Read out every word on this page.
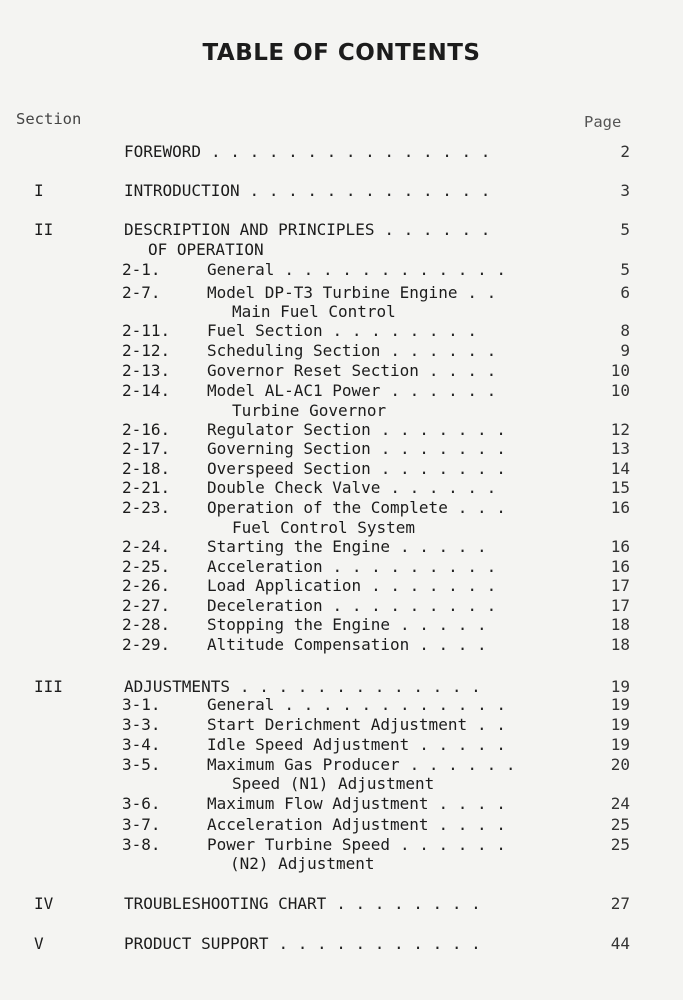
TABLE OF CONTENTS
Section	Page
FOREWORD . . . . . . . . . . . . . . .	2
I	INTRODUCTION . . . . . . . . . . . . .	3
II	DESCRIPTION AND PRINCIPLES . . . . . .	5
OF OPERATION
2-1.	General . . . . . . . . . . . .	5
2-7.	Model DP-T3 Turbine Engine . .	6
Main Fuel Control
2-11. Fuel Section . . . . . . . .	8
2-12. Scheduling Section . . . . . .	9
2-13. Governor Reset Section . . . .	10
2-14. Model AL-AC1 Power . . . . . .	10
Turbine Governor
2-16. Regulator Section . . . . . . .	12
2-17. Governing Section . . . . . . .	13
2-18. Overspeed Section . . . . . . .	14
2-21. Double Check Valve . . . . . .	15
2-23. Operation of the Complete . . .	16
Fuel Control System
2-24. Starting the Engine . . . . .	16
2-25. Acceleration . . . . . . . . .	16
2-26. Load Application . . . . . . .	17
2-27. Deceleration . . . . . . . . .	17
2-28. Stopping the Engine . . . . .	18
2-29. Altitude Compensation . . . .	18
III	ADJUSTMENTS . . . . . . . . . . . . .	19
3-1.	General . . . . . . . . . . . .	19
3-3.	Start Derichment Adjustment . .	19
3-4.	Idle Speed Adjustment . . . . .	19
3-5.	Maximum Gas Producer . . . . . .	20
Speed (N1) Adjustment
3-6.	Maximum Flow Adjustment . . . .	24
3-7.	Acceleration Adjustment . . . .	25
3-8.	Power Turbine Speed . . . . . .	25
(N2) Adjustment
IV	TROUBLESHOOTING CHART . . . . . . . .	27
V	PRODUCT SUPPORT . . . . . . . . . . .	44
